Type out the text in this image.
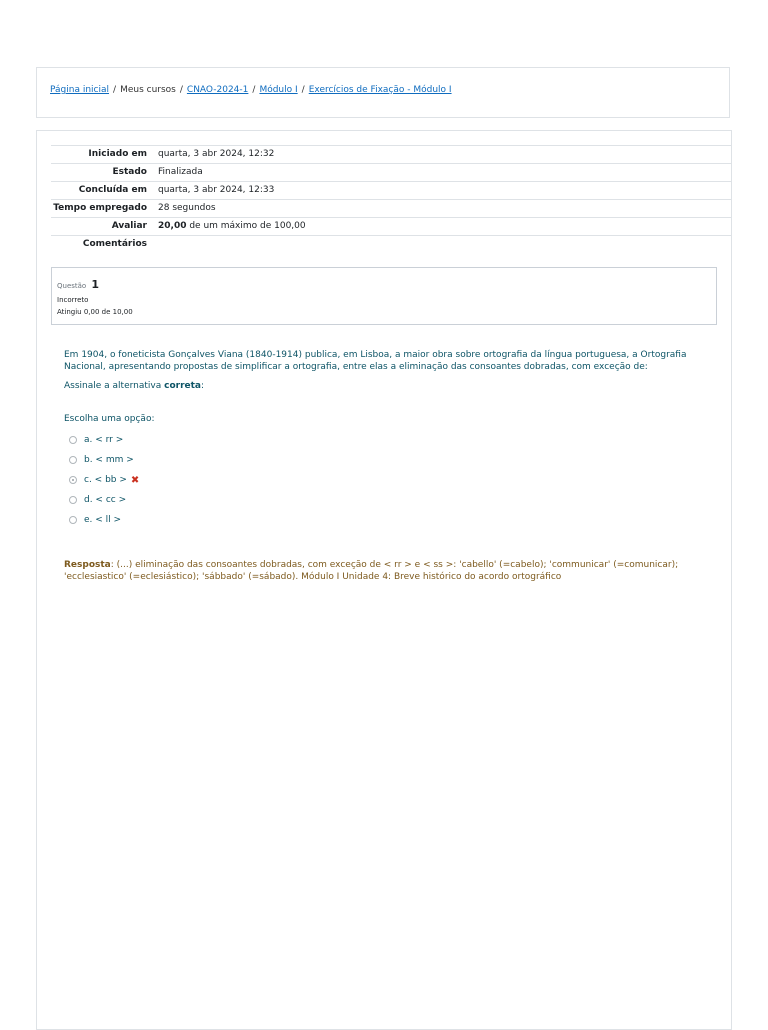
Página inicial / Meus cursos / CNAO-2024-1 / Módulo I / Exercícios de Fixação - Módulo I
Iniciado em	quarta, 3 abr 2024, 12:32
Estado	Finalizada
Concluída em	quarta, 3 abr 2024, 12:33
Tempo empregado	28 segundos
Avaliar	20,00 de um máximo de 100,00
Comentários	
Questão 1
Incorreto
Atingiu 0,00 de 10,00

Em 1904, o foneticista Gonçalves Viana (1840-1914) publica, em Lisboa, a maior obra sobre ortografia da língua portuguesa, a Ortografia Nacional, apresentando propostas de simplificar a ortografia, entre elas a eliminação das consoantes dobradas, com exceção de:

Assinale a alternativa correta:

Escolha uma opção:
a. < rr >
b. < mm >
c. < bb > ✖
d. < cc >
e. < ll >
Resposta: (...) eliminação das consoantes dobradas, com exceção de < rr > e < ss >: 'cabello' (=cabelo); 'communicar' (=comunicar); 'ecclesiastico' (=eclesiástico); 'sábbado' (=sábado). Módulo I Unidade 4: Breve histórico do acordo ortográfico
